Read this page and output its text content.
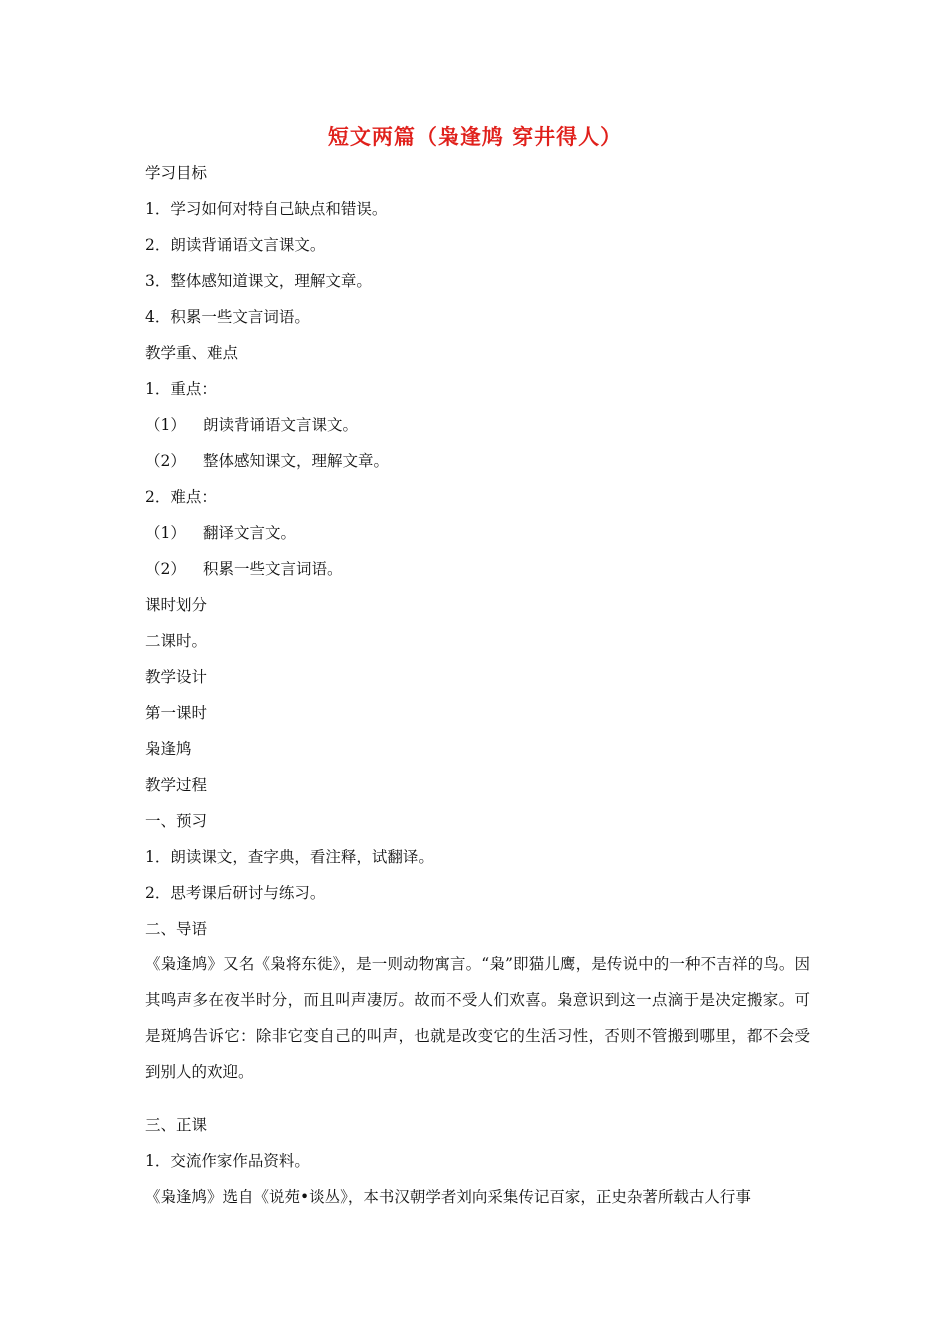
短文两篇（枭逢鸠 穿井得人）
学习目标
1．学习如何对特自己缺点和错误。
2．朗读背诵语文言课文。
3．整体感知道课文，理解文章。
4．积累一些文言词语。
教学重、难点
1．重点：
（1） 朗读背诵语文言课文。
（2） 整体感知课文，理解文章。
2．难点：
（1） 翻译文言文。
（2） 积累一些文言词语。
课时划分
二课时。
教学设计
第一课时
枭逢鸠
教学过程
一、预习
1．朗读课文，查字典，看注释，试翻译。
2．思考课后研讨与练习。
二、导语
《枭逢鸠》又名《枭将东徙》，是一则动物寓言。“枭”即猫儿鹰，是传说中的一种不吉祥的鸟。因其鸣声多在夜半时分，而且叫声凄厉。故而不受人们欢喜。枭意识到这一点滴于是决定搬家。可是斑鸠告诉它：除非它变自己的叫声，也就是改变它的生活习性，否则不管搬到哪里，都不会受到别人的欢迎。
三、正课
1．交流作家作品资料。
《枭逢鸠》选自《说苑•谈丛》，本书汉朝学者刘向采集传记百家，正史杂著所载古人行事
